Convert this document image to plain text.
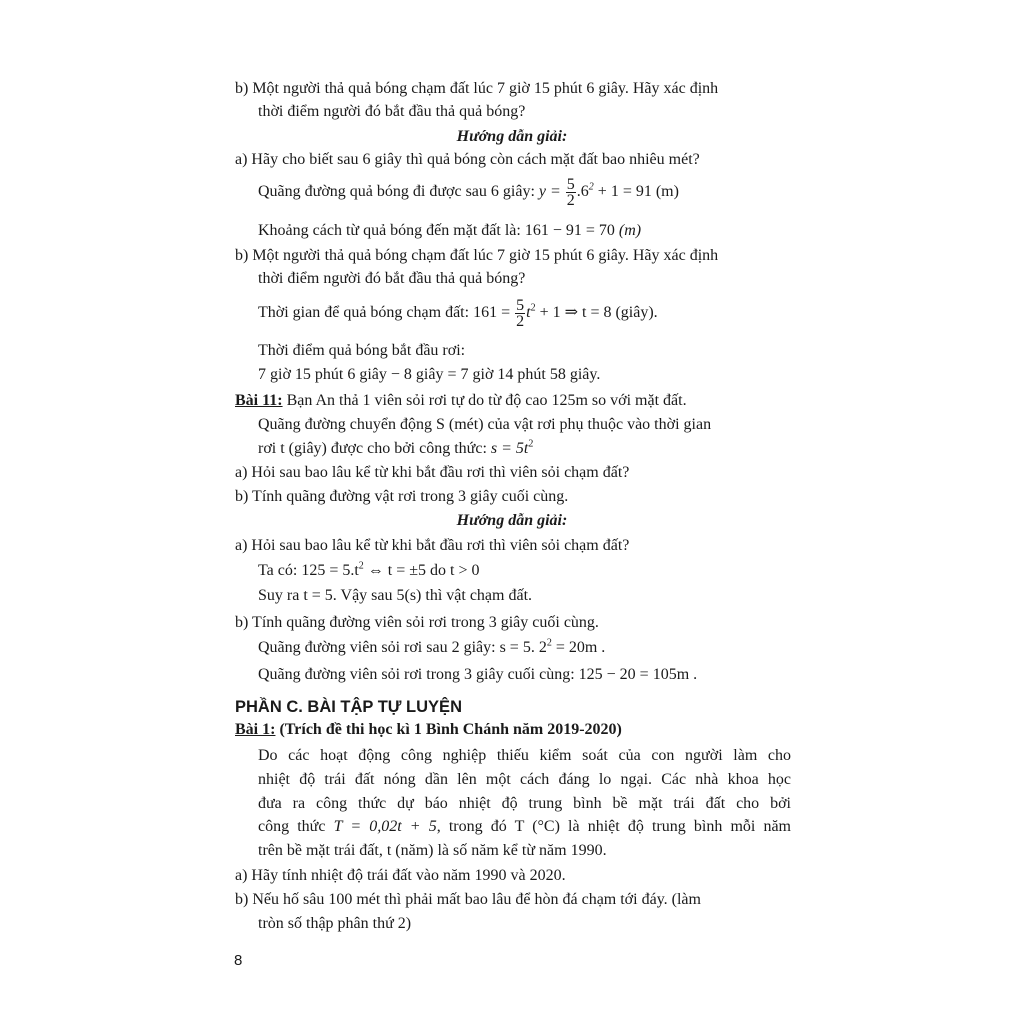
b) Một người thả quả bóng chạm đất lúc 7 giờ 15 phút 6 giây. Hãy xác định
thời điểm người đó bắt đầu thả quả bóng?
Hướng dẫn giải:
a) Hãy cho biết sau 6 giây thì quả bóng còn cách mặt đất bao nhiêu mét?
Quãng đường quả bóng đi được sau 6 giây: $y = \frac{5}{2} .6^2 + 1 = 91$ (m)
Khoảng cách từ quả bóng đến mặt đất là: 161 − 91 = 70 (m)
b) Một người thả quả bóng chạm đất lúc 7 giờ 15 phút 6 giây. Hãy xác định
thời điểm người đó bắt đầu thả quả bóng?
Thời gian để quả bóng chạm đất: $161 = \frac{5}{2} t^2 + 1$ ⇒ t = 8 (giây).
Thời điểm quả bóng bắt đầu rơi:
7 giờ 15 phút 6 giây − 8 giây = 7 giờ 14 phút 58 giây.
Bài 11: Bạn An thả 1 viên sỏi rơi tự do từ độ cao 125m so với mặt đất.
Quãng đường chuyển động S (mét) của vật rơi phụ thuộc vào thời gian
rơi t (giây) được cho bởi công thức: $s = 5t^2$
a) Hỏi sau bao lâu kể từ khi bắt đầu rơi thì viên sỏi chạm đất?
b) Tính quãng đường vật rơi trong 3 giây cuối cùng.
Hướng dẫn giải:
a) Hỏi sau bao lâu kể từ khi bắt đầu rơi thì viên sỏi chạm đất?
Ta có: $125 = 5.t^2$ ⇔ t = ±5 do t > 0
Suy ra t = 5. Vậy sau 5(s) thì vật chạm đất.
b) Tính quãng đường viên sỏi rơi trong 3 giây cuối cùng.
Quãng đường viên sỏi rơi sau 2 giây: s = 5. $2^2 = 20m$ .
Quãng đường viên sỏi rơi trong 3 giây cuối cùng: 125 − 20 = 105m .
PHẦN C. BÀI TẬP TỰ LUYỆN
Bài 1: (Trích đề thi học kì 1 Bình Chánh năm 2019-2020)
Do các hoạt động công nghiệp thiếu kiểm soát của con người làm cho
nhiệt độ trái đất nóng dần lên một cách đáng lo ngại. Các nhà khoa học
đưa ra công thức dự báo nhiệt độ trung bình bề mặt trái đất cho bởi
công thức T = 0,02t + 5, trong đó T (°C) là nhiệt độ trung bình mỗi năm
trên bề mặt trái đất, t (năm) là số năm kể từ năm 1990.
a) Hãy tính nhiệt độ trái đất vào năm 1990 và 2020.
b) Nếu hố sâu 100 mét thì phải mất bao lâu để hòn đá chạm tới đáy. (làm
tròn số thập phân thứ 2)
8
